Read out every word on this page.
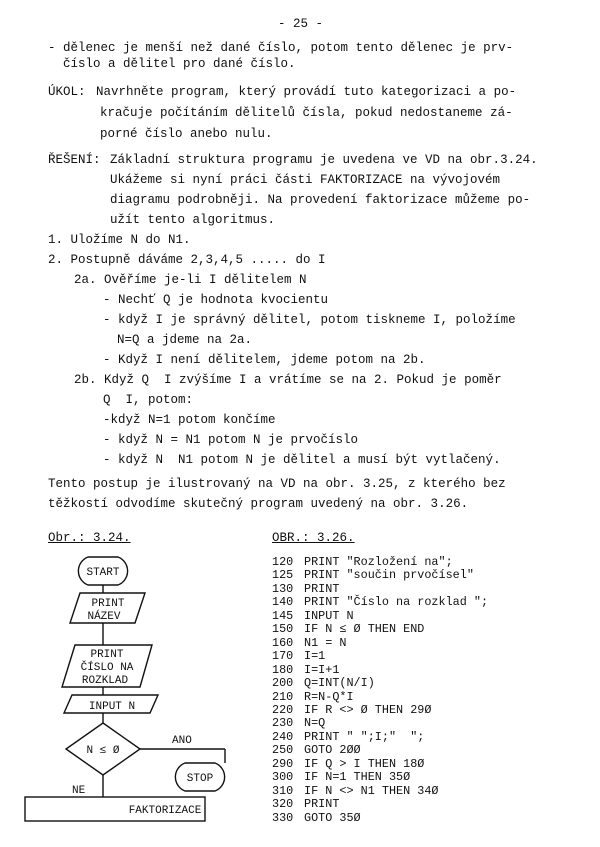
- 25 -
- dělenec je menší než dané číslo, potom tento dělenec je prv-
číslo a dělitel pro dané číslo.
ÚKOL: Navrhněte program, který provádí tuto kategorizaci a po-
kračuje počítáním dělitelů čísla, pokud nedostaneme zá-
porné číslo anebo nulu.
ŘEŠENÍ: Základní struktura programu je uvedena ve VD na obr.3.24.
Ukážeme si nyní práci části FAKTORIZACE na vývojovém
diagramu podrobněji. Na provedení faktorizace můžeme po-
užít tento algoritmus.
1. Uložíme N do N1.
2. Postupně dáváme 2,3,4,5 ..... do I
2a. Ověříme je-li I dělitelem N
- Nechť Q je hodnota kvocientu
- když I je správný dělitel, potom tiskneme I, položíme
N=Q a jdeme na 2a.
- Když I není dělitelem, jdeme potom na 2b.
2b. Když Q  I zvýšíme I a vrátíme se na 2. Pokud je poměr
Q  I, potom:
-když N=1 potom končíme
- když N = N1 potom N je prvočíslo
- když N  N1 potom N je dělitel a musí být vytlačený.
Tento postup je ilustrovaný na VD na obr. 3.25, z kterého bez
těžkostí odvodíme skutečný program uvedený na obr. 3.26.
Obr.: 3.24.	OBR.: 3.26.
START
PRINT
NÁZEV
PRINT
ČÍSLO NA
ROZKLAD
INPUT N
N ≤ Ø
ANO
STOP
NE
FAKTORIZACE
120 PRINT "Rozložení na";
125 PRINT "součin prvočísel"
130 PRINT
140 PRINT "Číslo na rozklad ";
145 INPUT N
150 IF N ≤ Ø THEN END
160 N1 = N
170 I=1
180 I=I+1
200 Q=INT(N/I)
210 R=N-Q*I
220 IF R <> Ø THEN 29Ø
230 N=Q
240 PRINT " ";I;"  ";
250 GOTO 2ØØ
290 IF Q > I THEN 18Ø
300 IF N=1 THEN 35Ø
310 IF N <> N1 THEN 34Ø
320 PRINT
330 GOTO 35Ø
